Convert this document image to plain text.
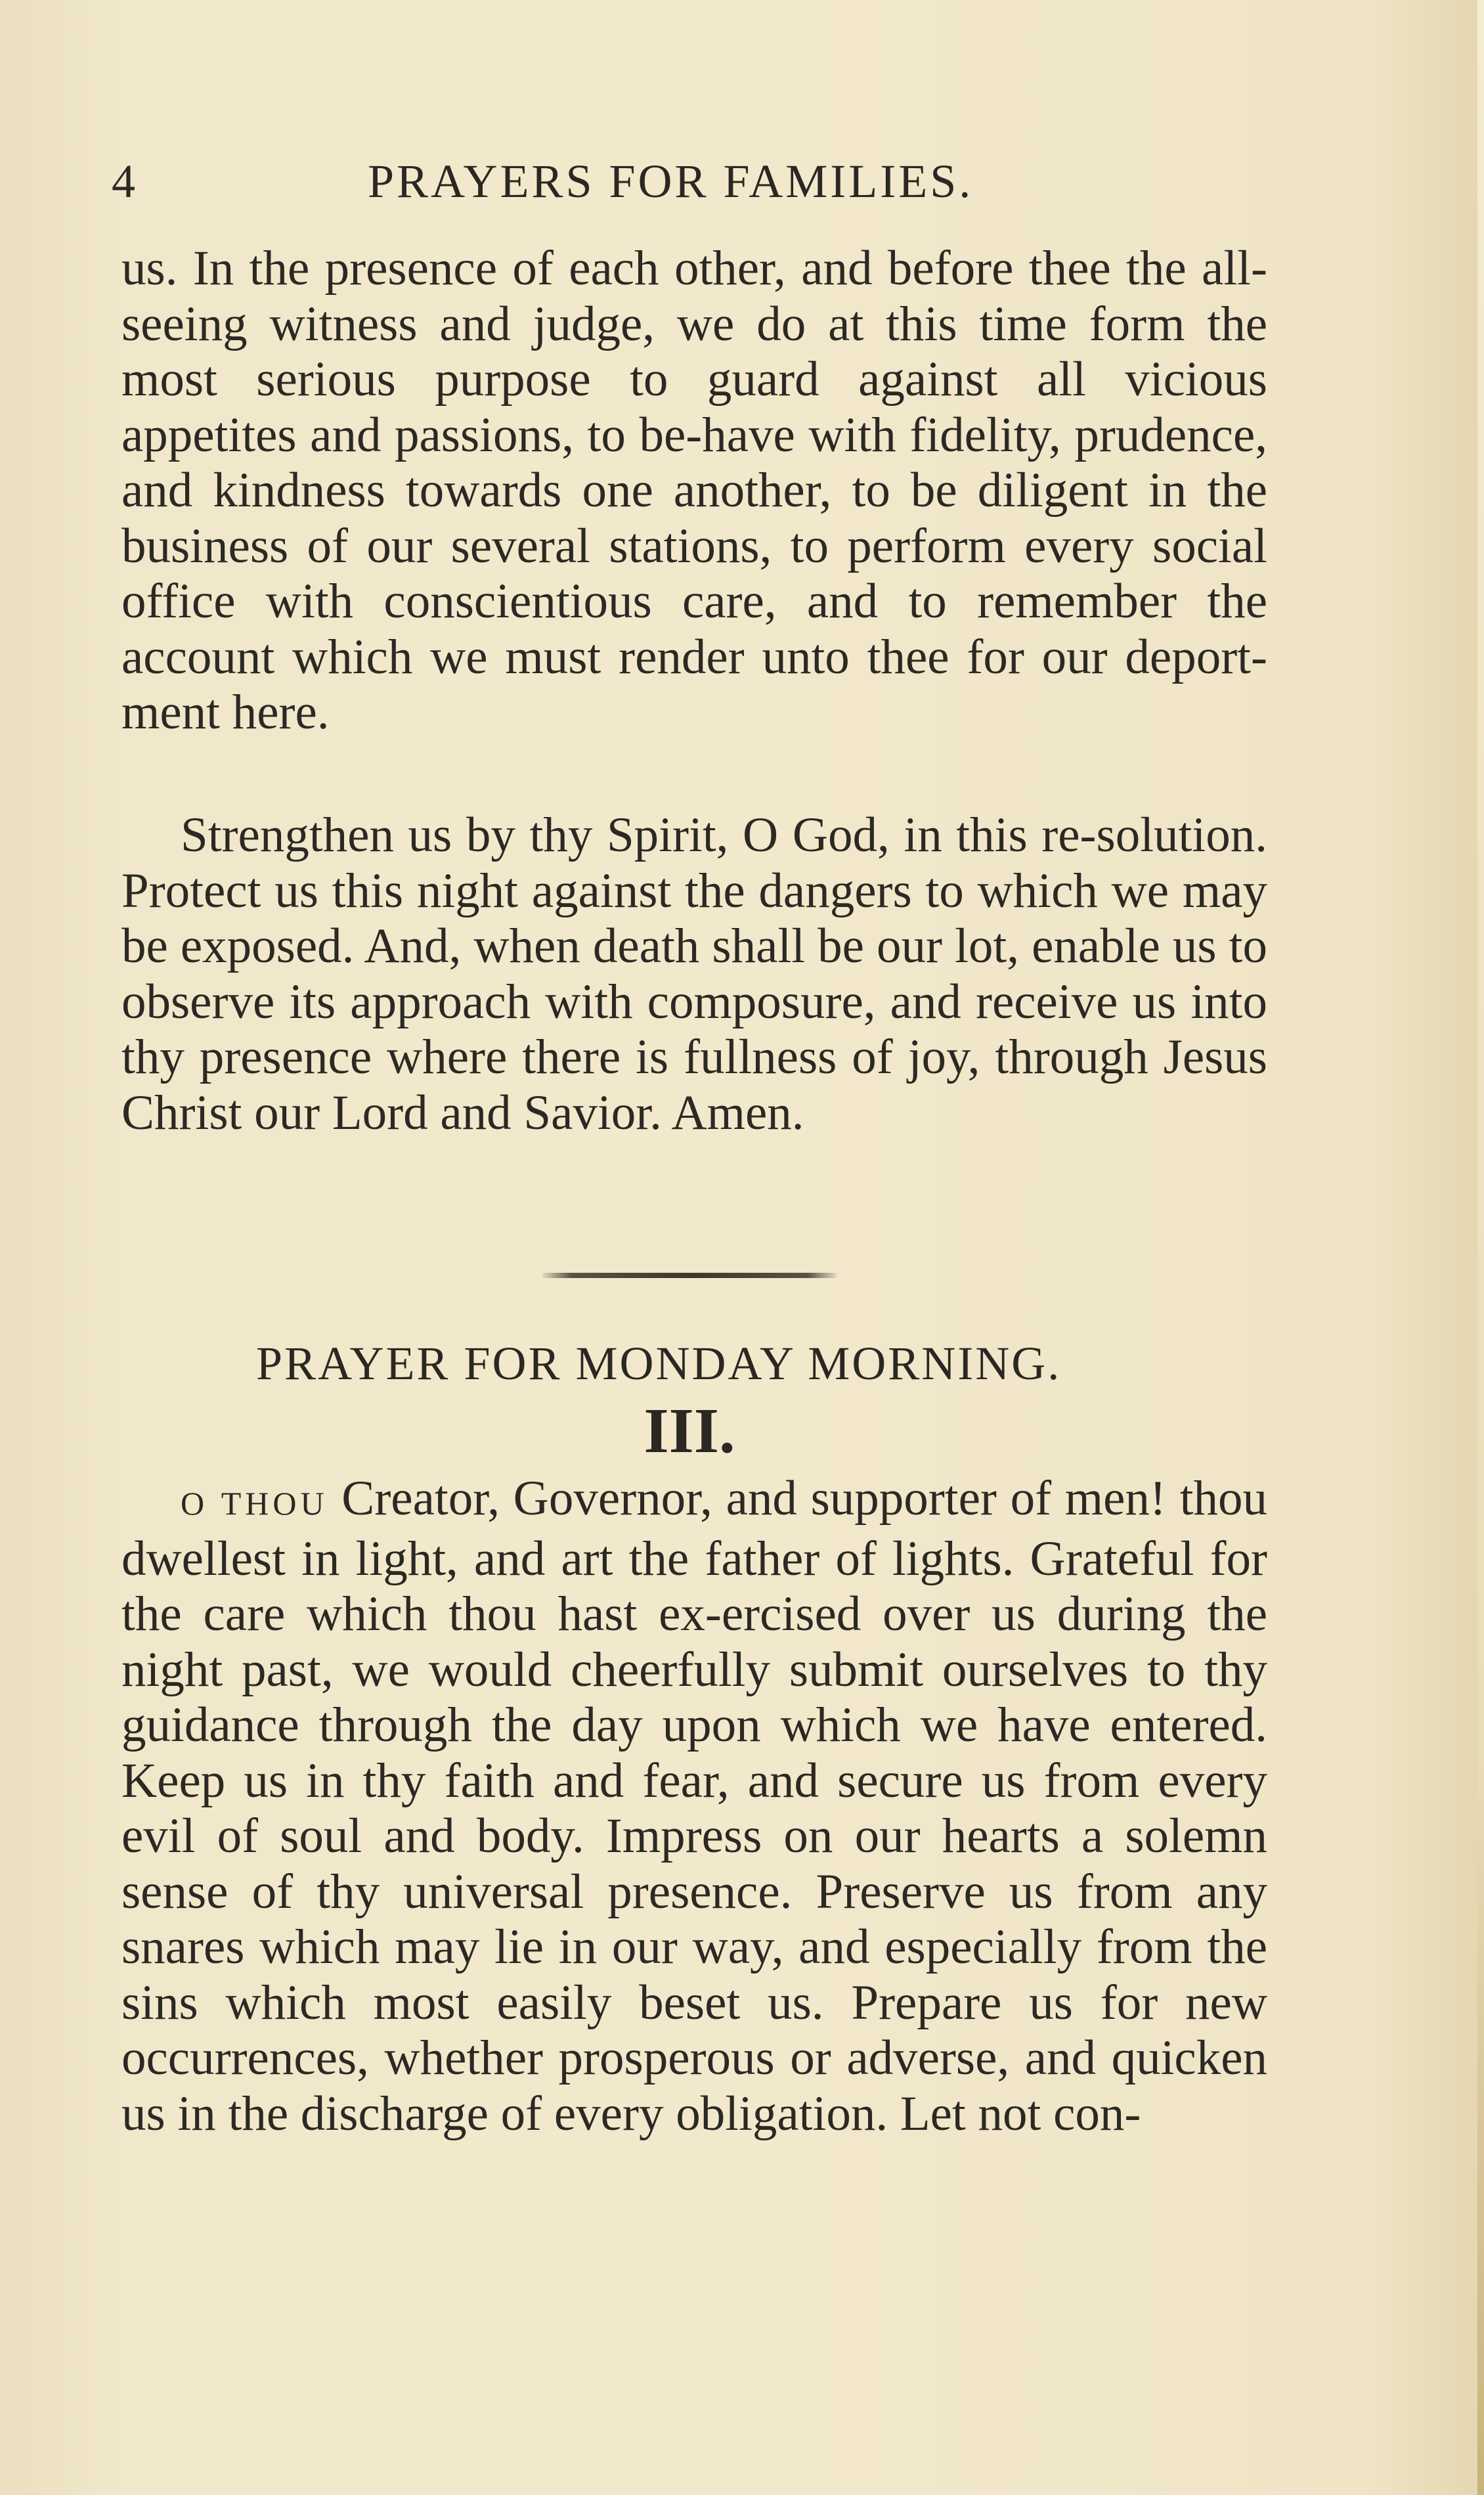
4	PRAYERS FOR FAMILIES.

us. In the presence of each other, and before thee the all-seeing witness and judge, we do at this time form the most serious purpose to guard against all vicious appetites and passions, to be-have with fidelity, prudence, and kindness towards one another, to be diligent in the business of our several stations, to perform every social office with conscientious care, and to remember the account which we must render unto thee for our deport-ment here.

Strengthen us by thy Spirit, O God, in this re-solution. Protect us this night against the dangers to which we may be exposed. And, when death shall be our lot, enable us to observe its approach with composure, and receive us into thy presence where there is fullness of joy, through Jesus Christ our Lord and Savior. Amen.

PRAYER FOR MONDAY MORNING.
III.

O THOU Creator, Governor, and supporter of men! thou dwellest in light, and art the father of lights. Grateful for the care which thou hast ex-ercised over us during the night past, we would cheerfully submit ourselves to thy guidance through the day upon which we have entered. Keep us in thy faith and fear, and secure us from every evil of soul and body. Impress on our hearts a solemn sense of thy universal presence. Preserve us from any snares which may lie in our way, and especially from the sins which most easily beset us. Prepare us for new occurrences, whether prosperous or adverse, and quicken us in the discharge of every obligation. Let not con-
